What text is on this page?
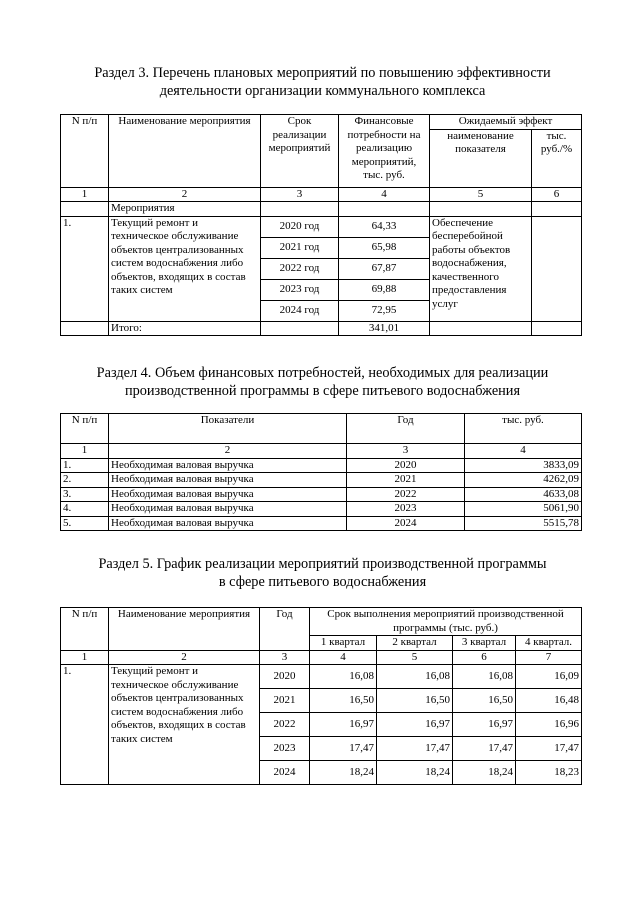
Раздел 3. Перечень плановых мероприятий по повышению эффективности
деятельности организации коммунального комплекса
N п/п	Наименование мероприятия	Срок реализации мероприятий	Финансовые потребности на реализацию мероприятий, тыс. руб.	Ожидаемый эффект	
				наименование показателя	тыс. руб./%
1	2	3	4	5	6
	Мероприятия				
1.	Текущий ремонт и техническое обслуживание объектов централизованных систем водоснабжения либо объектов, входящих в состав таких систем	2020 год	64,33	Обеспечение бесперебойной работы объектов водоснабжения, качественного предоставления услуг	
		2021 год	65,98		
		2022 год	67,87		
		2023 год	69,88		
		2024 год	72,95		
	Итого:		341,01		
Раздел 4. Объем финансовых потребностей, необходимых для реализации
производственной программы в сфере питьевого водоснабжения
N п/п	Показатели	Год	тыс. руб.
1	2	3	4
1.	Необходимая валовая выручка	2020	3833,09
2.	Необходимая валовая выручка	2021	4262,09
3.	Необходимая валовая выручка	2022	4633,08
4.	Необходимая валовая выручка	2023	5061,90
5.	Необходимая валовая выручка	2024	5515,78
Раздел 5. График реализации мероприятий производственной программы
в сфере питьевого водоснабжения
N п/п	Наименование мероприятия	Год	Срок выполнения мероприятий производственной программы (тыс. руб.)			
			1 квартал	2 квартал	3 квартал	4 квартал.
1	2	3	4	5	6	7
1.	Текущий ремонт и техническое обслуживание объектов централизованных систем водоснабжения либо объектов, входящих в состав таких систем	2020	16,08	16,08	16,08	16,09
		2021	16,50	16,50	16,50	16,48
		2022	16,97	16,97	16,97	16,96
		2023	17,47	17,47	17,47	17,47
		2024	18,24	18,24	18,24	18,23
